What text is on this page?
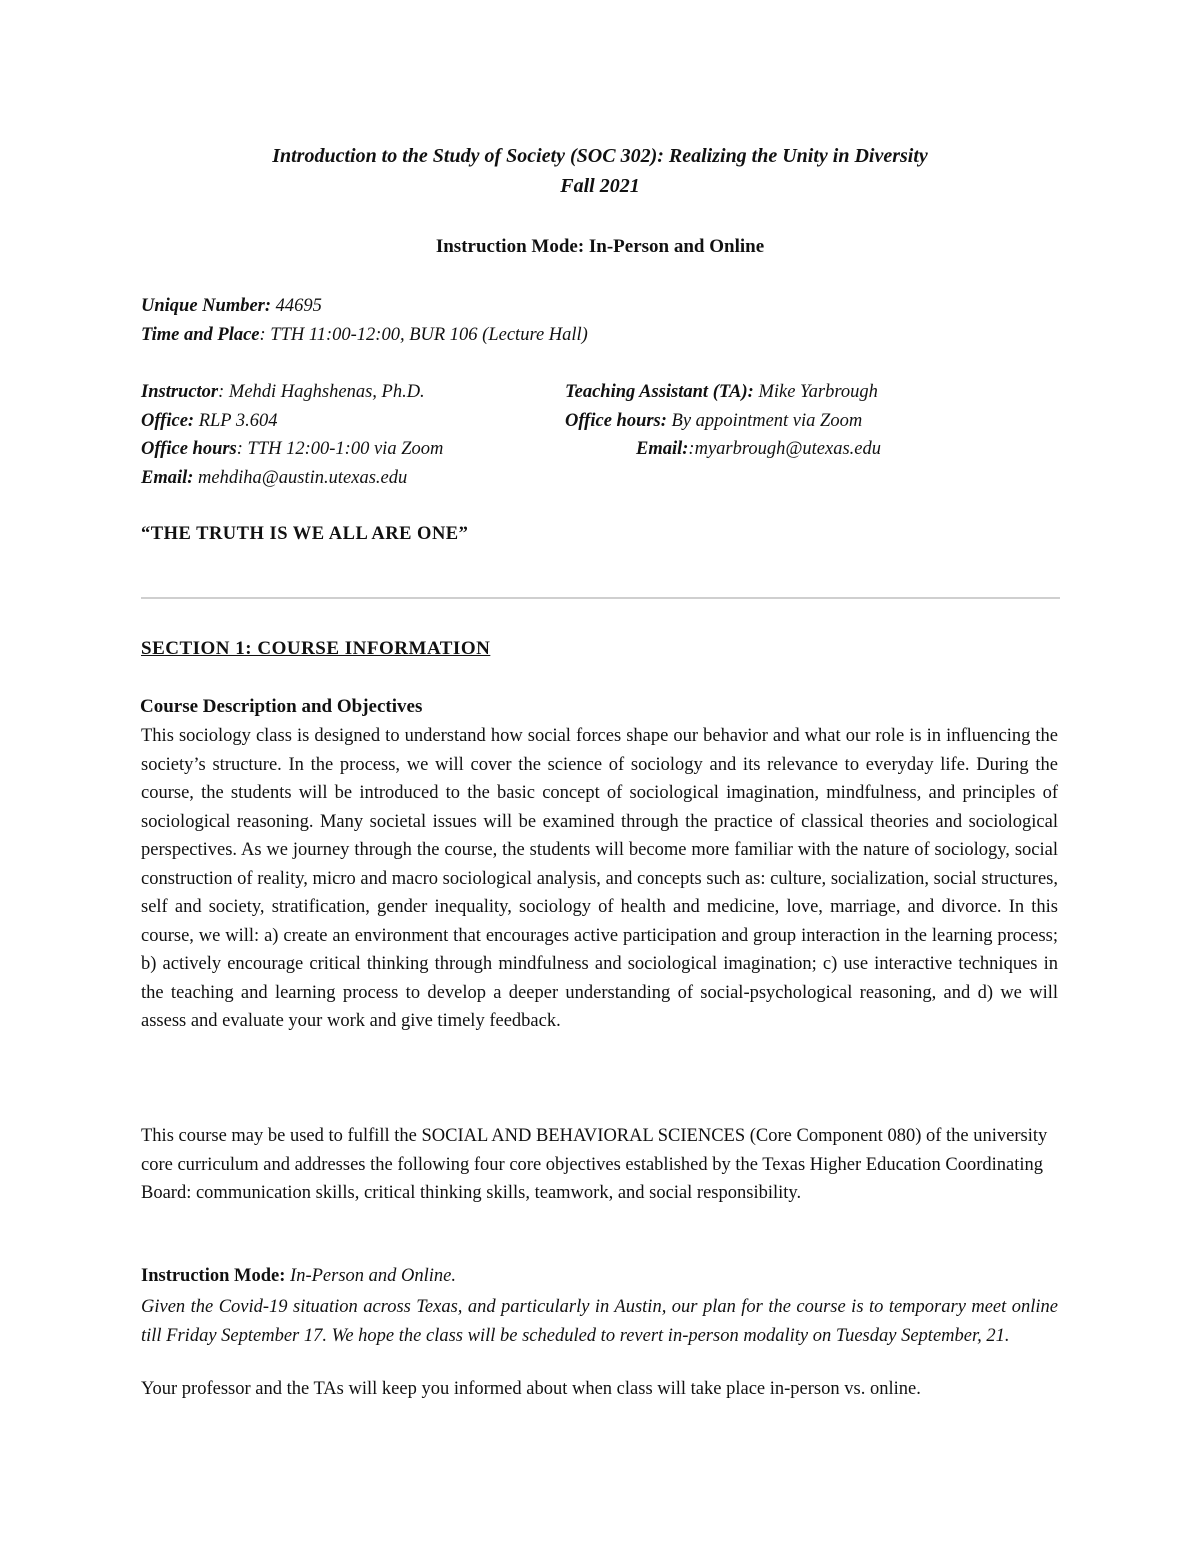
Introduction to the Study of Society (SOC 302): Realizing the Unity in Diversity
Fall 2021
Instruction Mode: In-Person and Online
Unique Number: 44695
Time and Place: TTH 11:00-12:00, BUR 106 (Lecture Hall)
Instructor: Mehdi Haghshenas, Ph.D.
Office: RLP 3.604
Office hours: TTH 12:00-1:00 via Zoom
Email: mehdiha@austin.utexas.edu
Teaching Assistant (TA): Mike Yarbrough
Office hours: By appointment via Zoom
Email::myarbrough@utexas.edu
“THE TRUTH IS WE ALL ARE ONE”
SECTION 1: COURSE INFORMATION
Course Description and Objectives

This sociology class is designed to understand how social forces shape our behavior and what our role is in influencing the society’s structure. In the process, we will cover the science of sociology and its relevance to everyday life. During the course, the students will be introduced to the basic concept of sociological imagination, mindfulness, and principles of sociological reasoning. Many societal issues will be examined through the practice of classical theories and sociological perspectives. As we journey through the course, the students will become more familiar with the nature of sociology, social construction of reality, micro and macro sociological analysis, and concepts such as: culture, socialization, social structures, self and society, stratification, gender inequality, sociology of health and medicine, love, marriage, and divorce. In this course, we will: a) create an environment that encourages active participation and group interaction in the learning process; b) actively encourage critical thinking through mindfulness and sociological imagination; c) use interactive techniques in the teaching and learning process to develop a deeper understanding of social-psychological reasoning, and d) we will assess and evaluate your work and give timely feedback.

This course may be used to fulfill the SOCIAL AND BEHAVIORAL SCIENCES (Core Component 080) of the university core curriculum and addresses the following four core objectives established by the Texas Higher Education Coordinating Board: communication skills, critical thinking skills, teamwork, and social responsibility.

Instruction Mode: In-Person and Online.

Given the Covid-19 situation across Texas, and particularly in Austin, our plan for the course is to temporary meet online till Friday September 17. We hope the class will be scheduled to revert in-person modality on Tuesday September, 21.

Your professor and the TAs will keep you informed about when class will take place in-person vs. online.
